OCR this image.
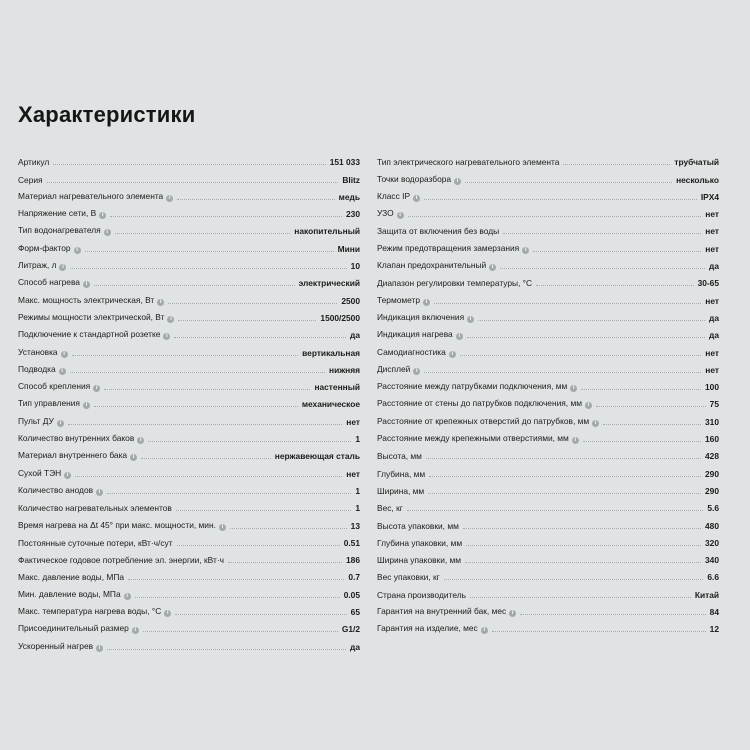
Характеристики
Артикул	151 033
Серия	Blitz
Материал нагревательного элемента i	медь
Напряжение сети, В i	230
Тип водонагревателя i	накопительный
Форм-фактор i	Мини
Литраж, л i	10
Способ нагрева i	электрический
Макс. мощность электрическая, Вт i	2500
Режимы мощности электрической, Вт i	1500/2500
Подключение к стандартной розетке i	да
Установка i	вертикальная
Подводка i	нижняя
Способ крепления i	настенный
Тип управления i	механическое
Пульт ДУ i	нет
Количество внутренних баков i	1
Материал внутреннего бака i	нержавеющая сталь
Сухой ТЭН i	нет
Количество анодов i	1
Количество нагревательных элементов	1
Время нагрева на Δt 45° при макс. мощности, мин. i	13
Постоянные суточные потери, кВт·ч/сут	0.51
Фактическое годовое потребление эл. энергии, кВт·ч	186
Макс. давление воды, МПа	0.7
Мин. давление воды, МПа i	0.05
Макс. температура нагрева воды, °С i	65
Присоединительный размер i	G1/2
Ускоренный нагрев i	да
Тип электрического нагревательного элемента	трубчатый
Точки водоразбора i	несколько
Класс IP i	IPX4
УЗО i	нет
Защита от включения без воды	нет
Режим предотвращения замерзания i	нет
Клапан предохранительный i	да
Диапазон регулировки температуры, °С	30-65
Термометр i	нет
Индикация включения i	да
Индикация нагрева i	да
Самодиагностика i	нет
Дисплей i	нет
Расстояние между патрубками подключения, мм i	100
Расстояние от стены до патрубков подключения, мм i	75
Расстояние от крепежных отверстий до патрубков, мм i	310
Расстояние между крепежными отверстиями, мм i	160
Высота, мм	428
Глубина, мм	290
Ширина, мм	290
Вес, кг	5.6
Высота упаковки, мм	480
Глубина упаковки, мм	320
Ширина упаковки, мм	340
Вес упаковки, кг	6.6
Страна производитель	Китай
Гарантия на внутренний бак, мес i	84
Гарантия на изделие, мес i	12
